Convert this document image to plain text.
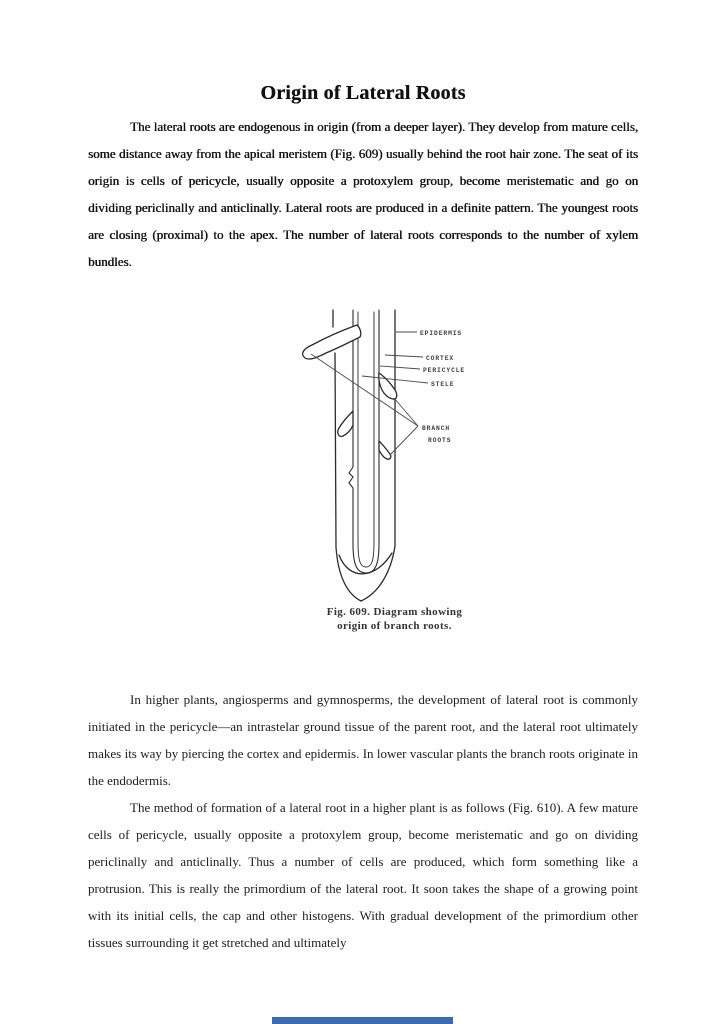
Origin of Lateral Roots
The lateral roots are endogenous in origin (from a deeper layer). They develop from mature cells, some distance away from the apical meristem (Fig. 609) usually behind the root hair zone. The seat of its origin is cells of pericycle, usually opposite a protoxylem group, become meristematic and go on dividing periclinally and anticlinally. Lateral roots are produced in a definite pattern. The youngest roots are closing (proximal) to the apex. The number of lateral roots corresponds to the number of xylem bundles.
EPIDERMIS
CORTEX
PERICYCLE
STELE
BRANCH
ROOTS
Fig. 609. Diagram showing
origin of branch roots.
In higher plants, angiosperms and gymnosperms, the development of lateral root is commonly initiated in the pericycle—an intrastelar ground tissue of the parent root, and the lateral root ultimately makes its way by piercing the cortex and epidermis. In lower vascular plants the branch roots originate in the endodermis.
The method of formation of a lateral root in a higher plant is as follows (Fig. 610). A few mature cells of pericycle, usually opposite a protoxylem group, become meristematic and go on dividing periclinally and anticlinally. Thus a number of cells are produced, which form something like a protrusion. This is really the primordium of the lateral root. It soon takes the shape of a growing point with its initial cells, the cap and other histogens. With gradual development of the primordium other tissues surrounding it get stretched and ultimately
